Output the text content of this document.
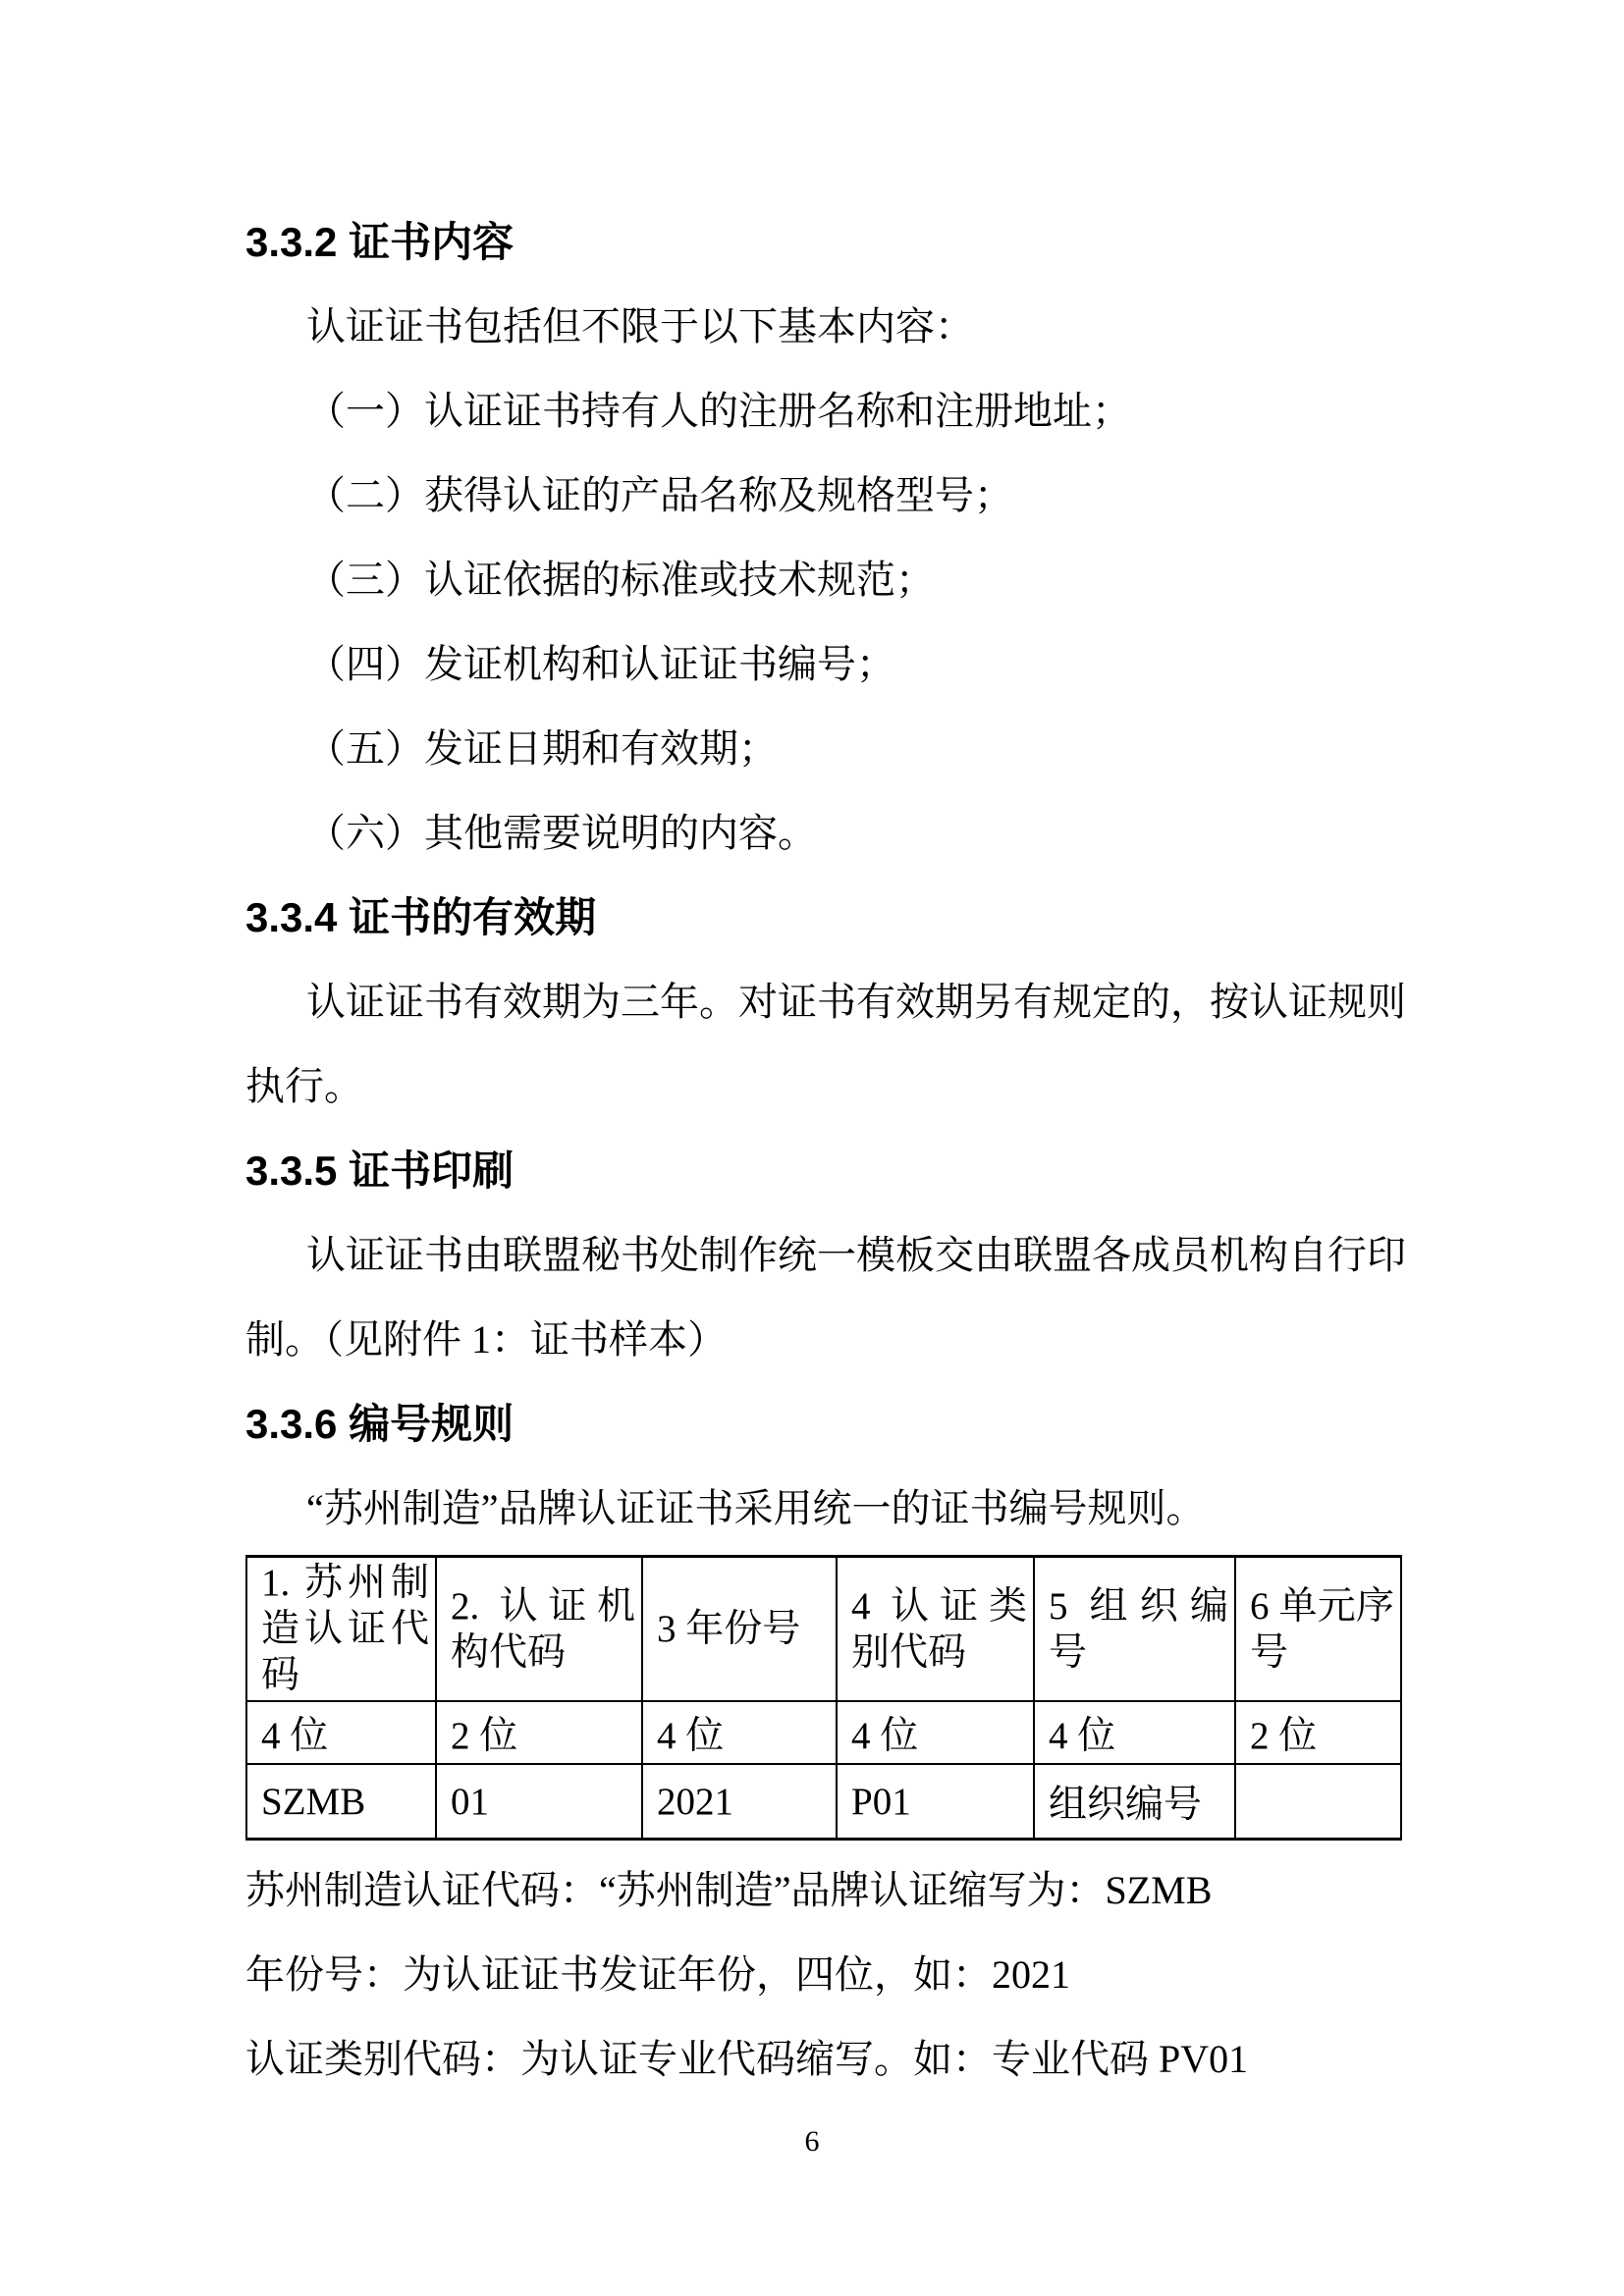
3.3.2 证书内容
认证证书包括但不限于以下基本内容：
（一）认证证书持有人的注册名称和注册地址；
（二）获得认证的产品名称及规格型号；
（三）认证依据的标准或技术规范；
（四）发证机构和认证证书编号；
（五）发证日期和有效期；
（六）其他需要说明的内容。
3.3.4 证书的有效期
认证证书有效期为三年。对证书有效期另有规定的，按认证规则
执行。
3.3.5 证书印刷
认证证书由联盟秘书处制作统一模板交由联盟各成员机构自行印
制。（见附件 1：证书样本）
3.3.6 编号规则
“苏州制造”品牌认证证书采用统一的证书编号规则。
1. 苏州制造认证代码	2. 认证机构代码	3 年份号	4 认证类别代码	5 组织编号	6 单元序号
4 位	2 位	4 位	4 位	4 位	2 位
SZMB	01	2021	P01	组织编号	
苏州制造认证代码：“苏州制造”品牌认证缩写为：SZMB
年份号：为认证证书发证年份，四位，如：2021
认证类别代码：为认证专业代码缩写。如：专业代码 PV01
6
